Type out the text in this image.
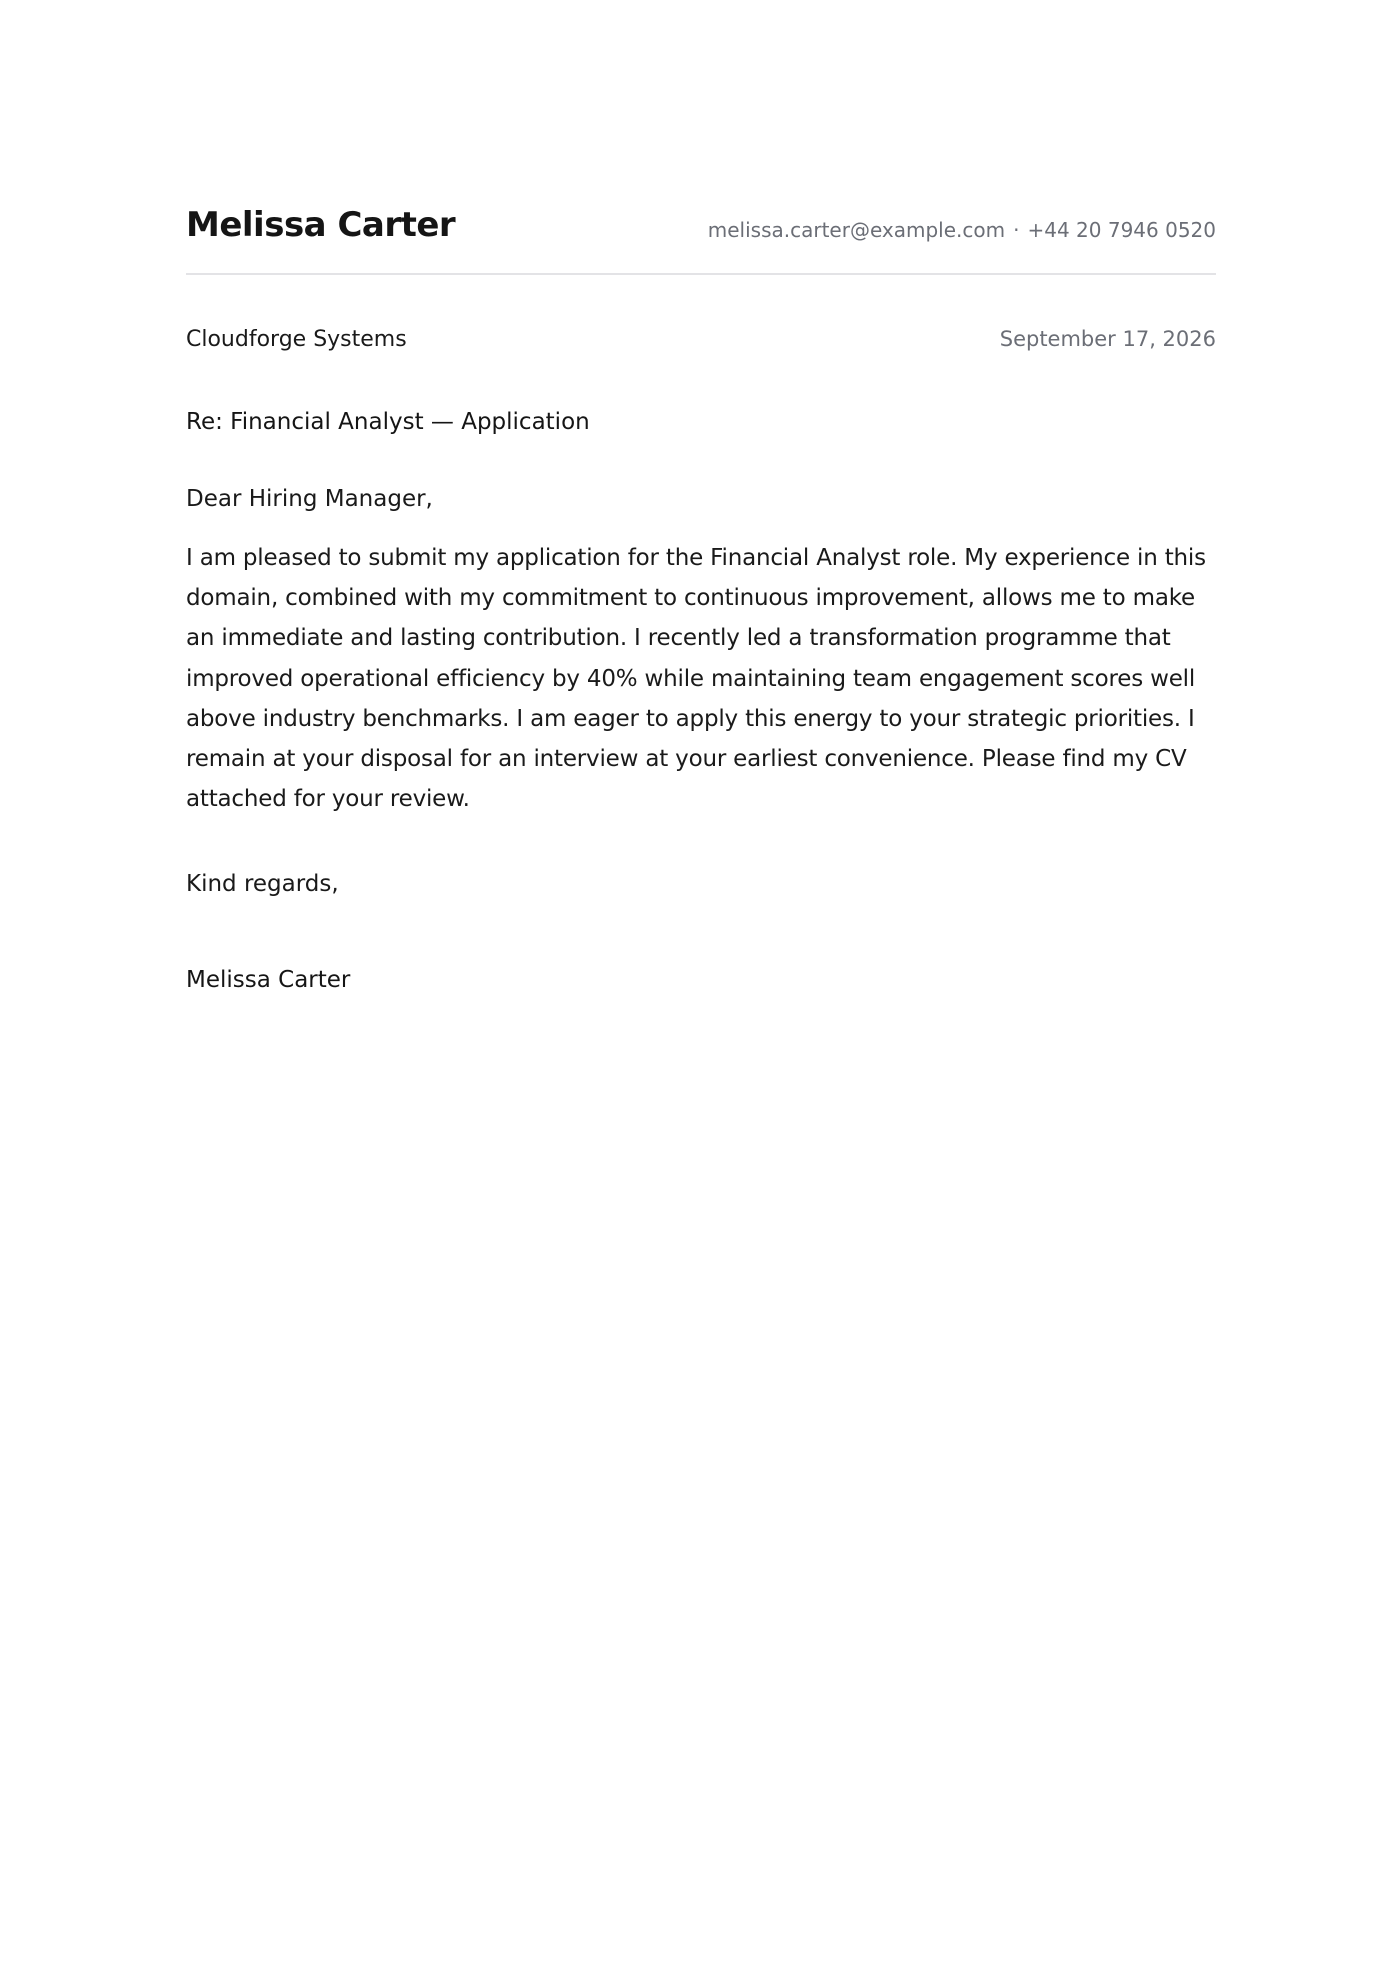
Melissa Carter	melissa.carter@example.com · +44 20 7946 0520
Cloudforge Systems	September 17, 2026
Re: Financial Analyst — Application
Dear Hiring Manager,
I am pleased to submit my application for the Financial Analyst role. My experience in this domain, combined with my commitment to continuous improvement, allows me to make an immediate and lasting contribution. I recently led a transformation programme that improved operational efficiency by 40% while maintaining team engagement scores well above industry benchmarks. I am eager to apply this energy to your strategic priorities. I remain at your disposal for an interview at your earliest convenience. Please find my CV attached for your review.
Kind regards,
Melissa Carter
